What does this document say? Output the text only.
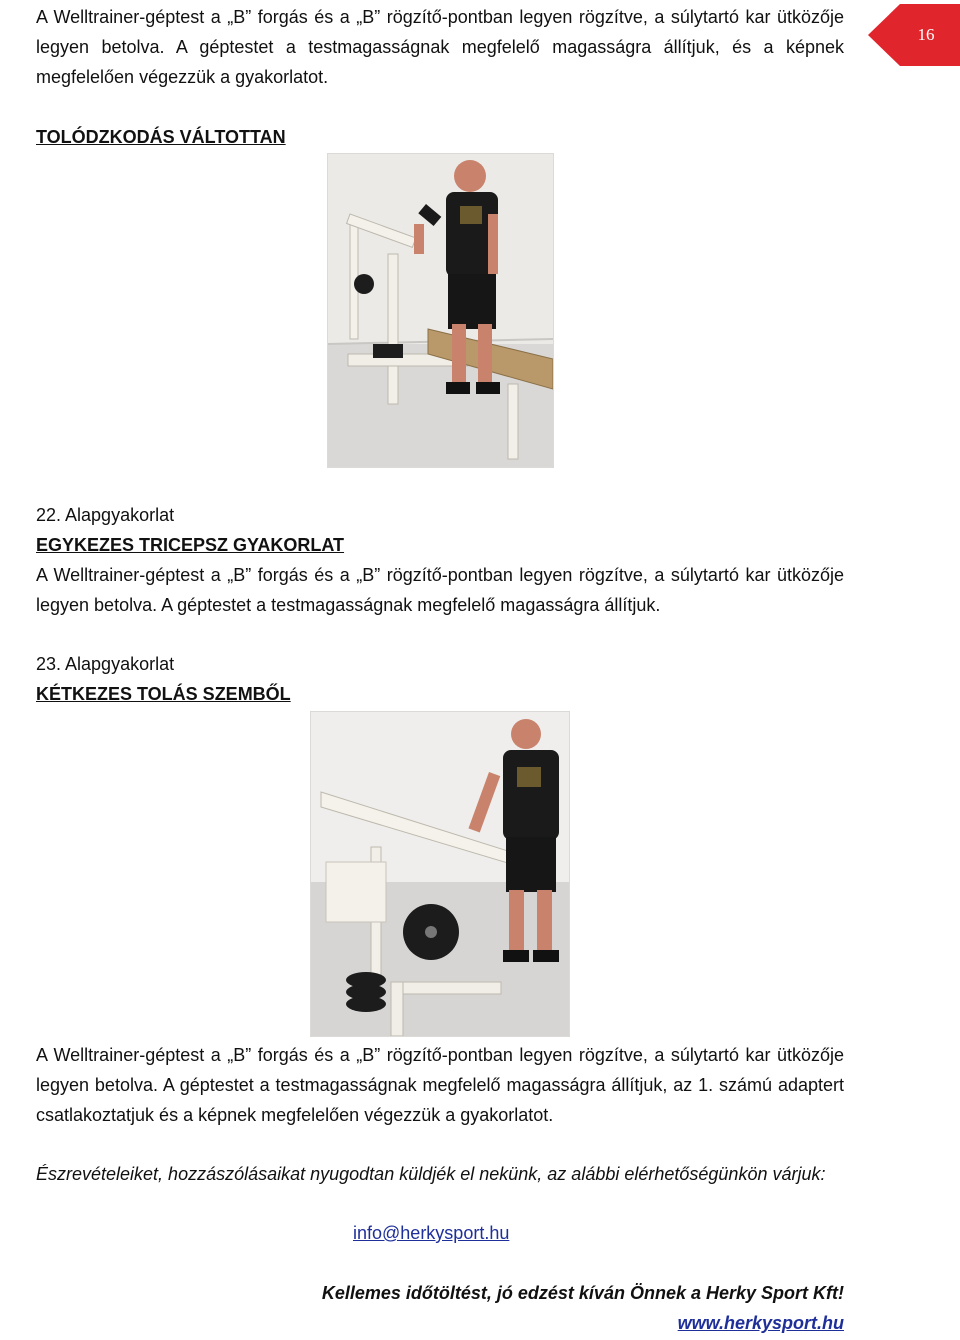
16
A Welltrainer-géptest a „B” forgás és a „B” rögzítő-pontban legyen rögzítve, a súlytartó kar ütközője legyen betolva. A géptestet a testmagasságnak megfelelő magasságra állítjuk, és a képnek megfelelően végezzük a gyakorlatot.
TOLÓDZKODÁS VÁLTOTTAN
22. Alapgyakorlat
EGYKEZES TRICEPSZ GYAKORLAT
A Welltrainer-géptest a „B” forgás és a „B” rögzítő-pontban legyen rögzítve, a súlytartó kar ütközője legyen betolva. A géptestet a testmagasságnak megfelelő magasságra állítjuk.
23. Alapgyakorlat
KÉTKEZES TOLÁS SZEMBŐL
A Welltrainer-géptest a „B” forgás és a „B” rögzítő-pontban legyen rögzítve, a súlytartó kar ütközője legyen betolva. A géptestet a testmagasságnak megfelelő magasságra állítjuk, az 1. számú adaptert csatlakoztatjuk és a képnek megfelelően végezzük a gyakorlatot.
Észrevételeiket, hozzászólásaikat nyugodtan küldjék el nekünk, az alábbi elérhetőségünkön várjuk:
info@herkysport.hu
Kellemes időtöltést, jó edzést kíván Önnek a Herky Sport Kft!
www.herkysport.hu
